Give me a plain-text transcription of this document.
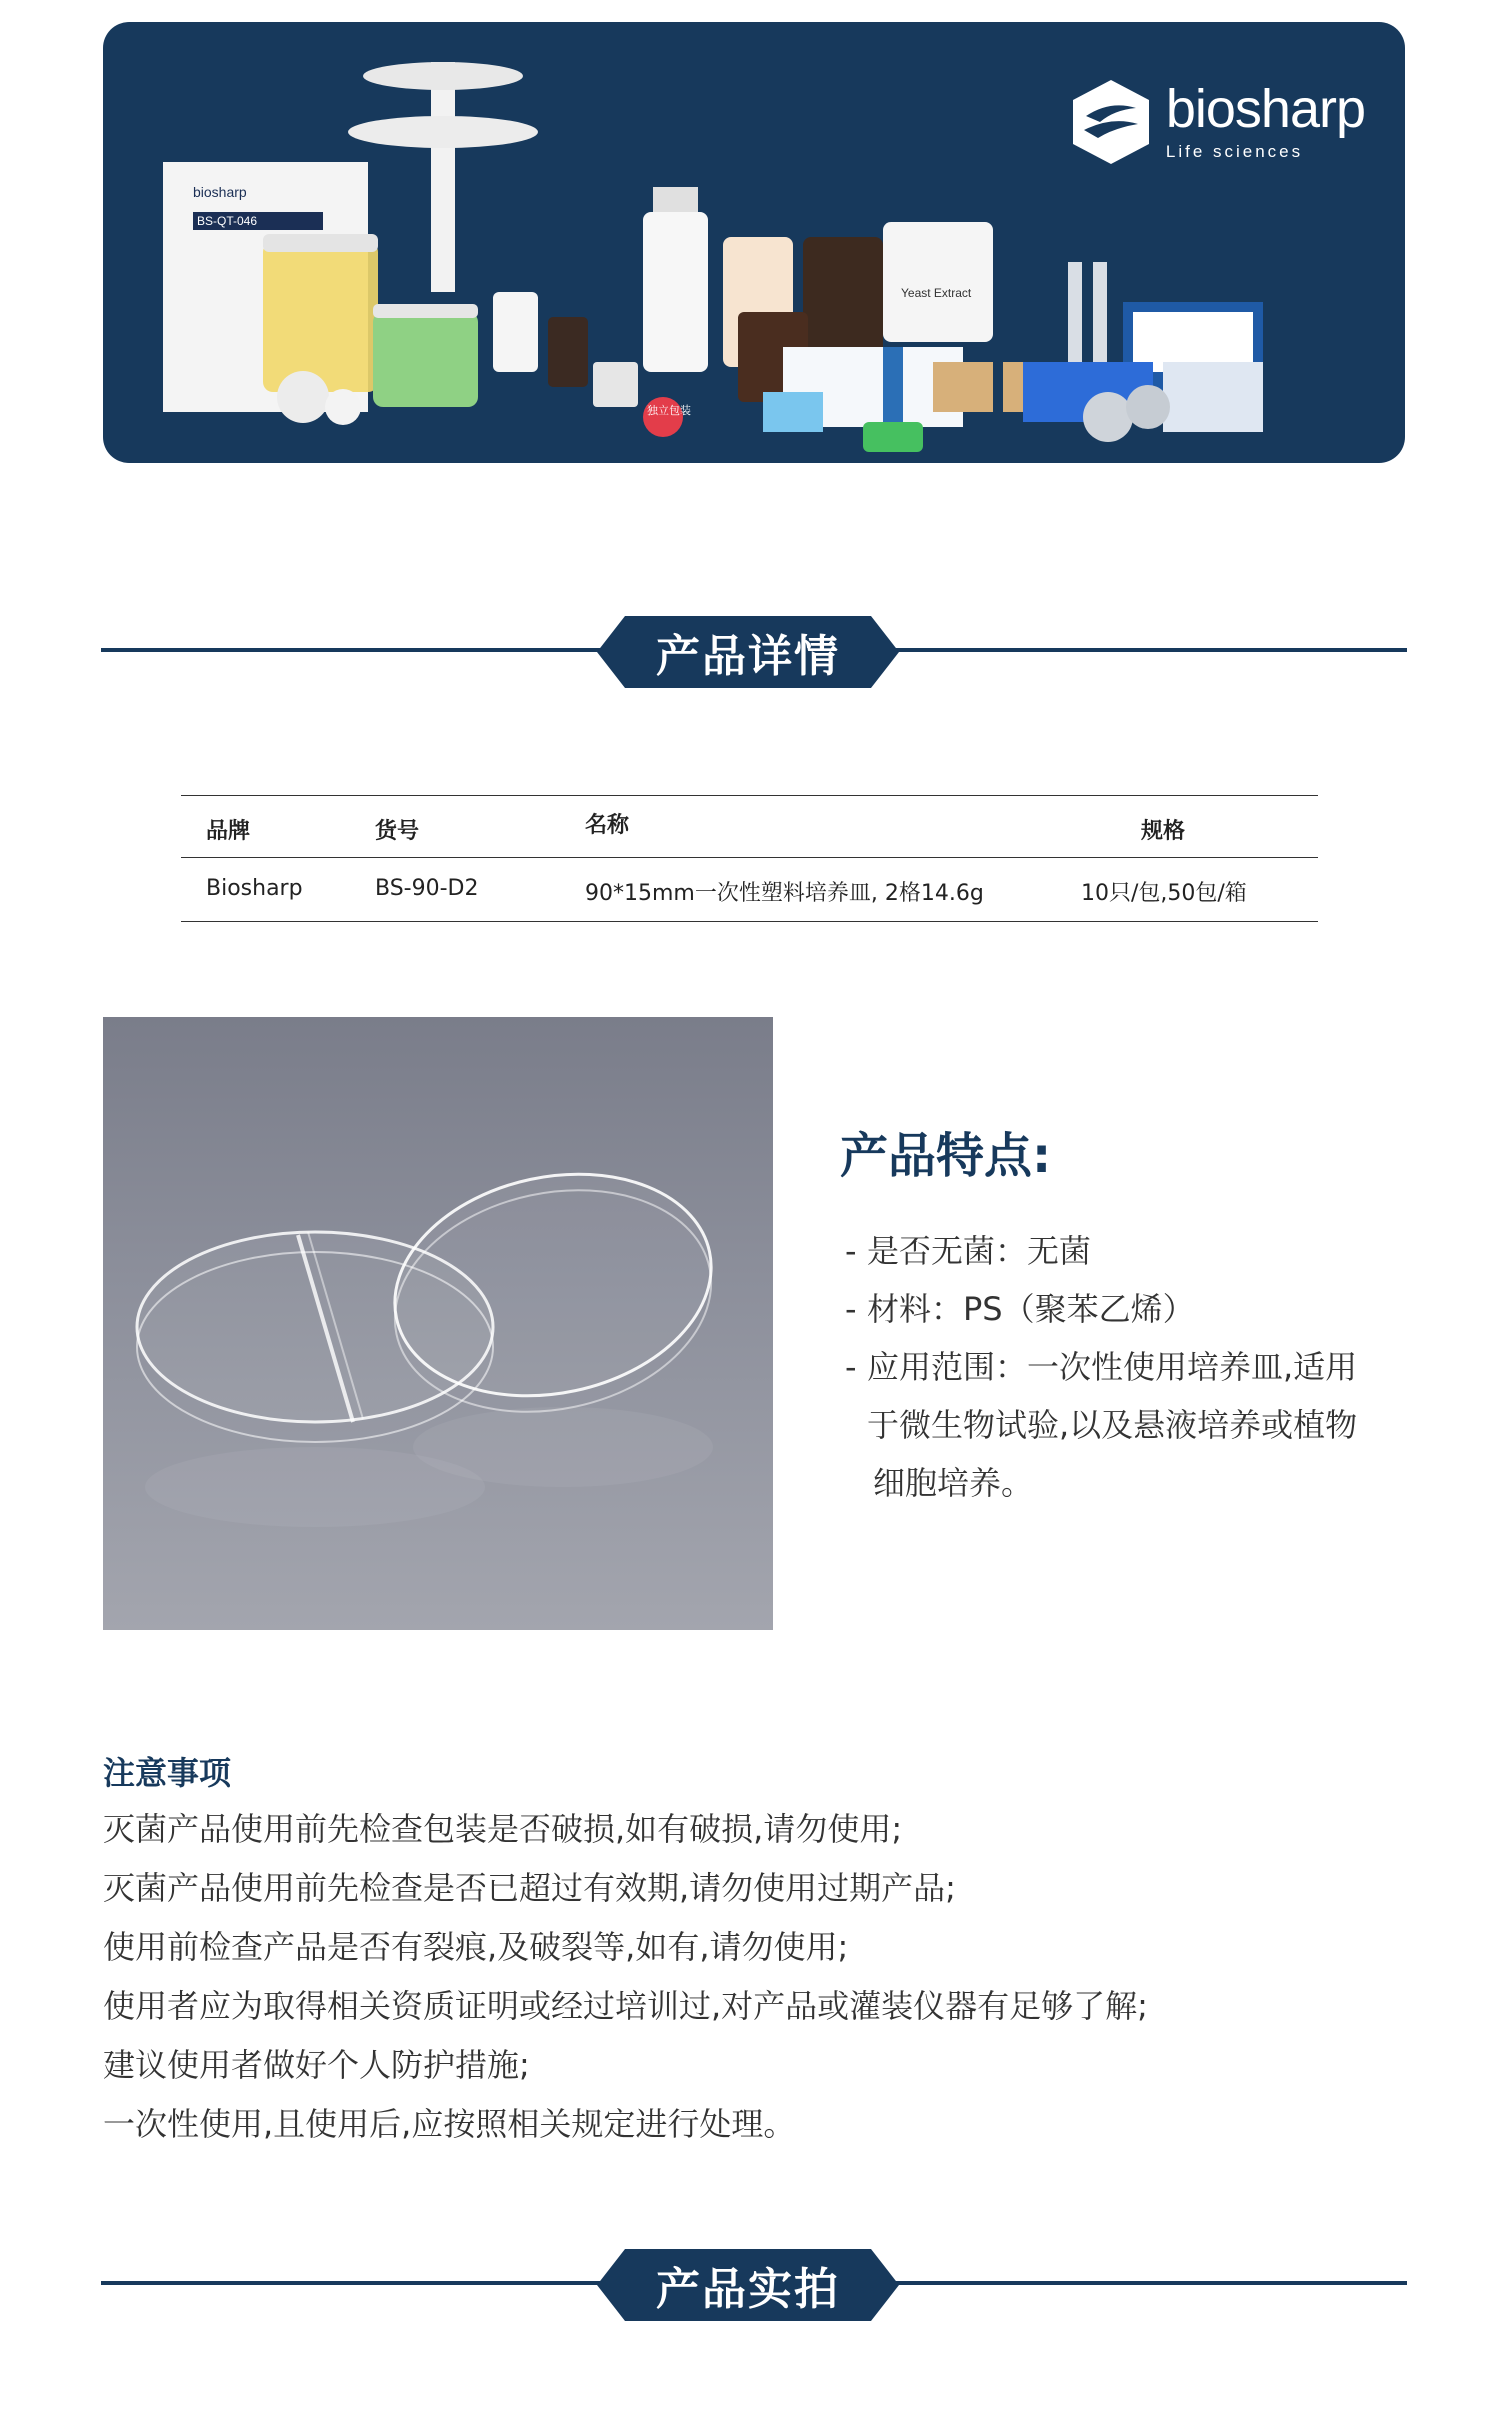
biosharp
BS-QT-046
Yeast Extract
独立包装
biosharp
Life sciences
产品详情
品牌	货号	名称	规格
Biosharp	BS-90-D2	90*15mm一次性塑料培养皿, 2格14.6g	10只/包,50包/箱
产品特点:
- 是否无菌：无菌
- 材料：PS（聚苯乙烯）
- 应用范围：一次性使用培养皿,适用
于微生物试验,以及悬液培养或植物
细胞培养。
注意事项
灭菌产品使用前先检查包装是否破损,如有破损,请勿使用;
灭菌产品使用前先检查是否已超过有效期,请勿使用过期产品;
使用前检查产品是否有裂痕,及破裂等,如有,请勿使用;
使用者应为取得相关资质证明或经过培训过,对产品或灌装仪器有足够了解;
建议使用者做好个人防护措施;
一次性使用,且使用后,应按照相关规定进行处理。
产品实拍
